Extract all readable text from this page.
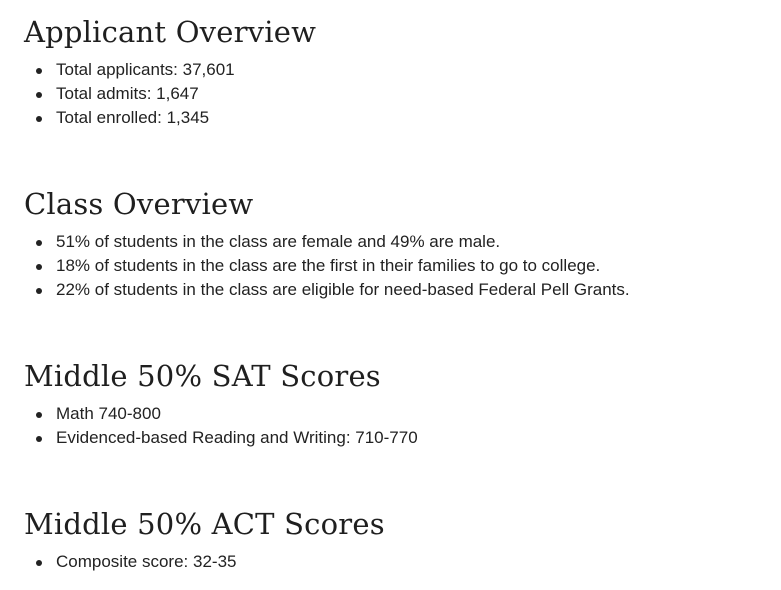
Applicant Overview
Total applicants: 37,601
Total admits: 1,647
Total enrolled: 1,345
Class Overview
51% of students in the class are female and 49% are male.
18% of students in the class are the first in their families to go to college.
22% of students in the class are eligible for need-based Federal Pell Grants.
Middle 50% SAT Scores
Math 740-800
Evidenced-based Reading and Writing: 710-770
Middle 50% ACT Scores
Composite score: 32-35
